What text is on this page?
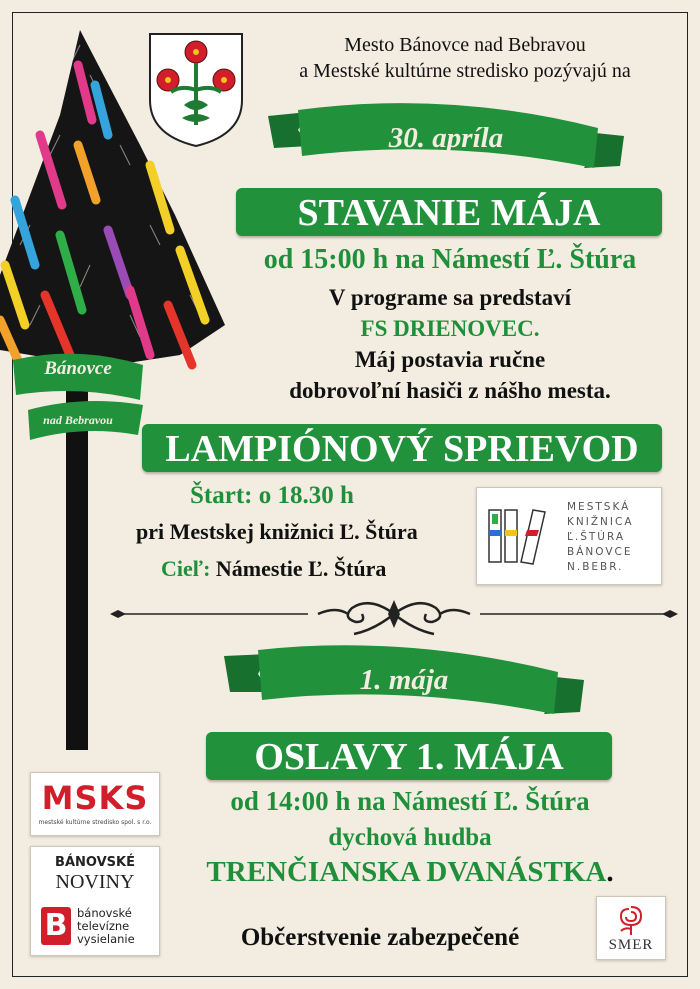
Bánovce
nad Bebravou
Mesto Bánovce nad Bebravou
a Mestské kultúrne stredisko pozývajú na
30. apríla
STAVANIE MÁJA
od 15:00 h na Námestí Ľ. Štúra
V programe sa predstaví
FS DRIENOVEC.
Máj postavia ručne
dobrovoľní hasiči z nášho mesta.
LAMPIÓNOVÝ SPRIEVOD
Štart: o 18.30 h
pri Mestskej knižnici Ľ. Štúra
Cieľ: Námestie Ľ. Štúra
MESTSKÁ
KNIŽNICA
Ľ.ŠTÚRA
BÁNOVCE
N.BEBR.
1. mája
OSLAVY 1. MÁJA
od 14:00 h na Námestí Ľ. Štúra
dychová hudba
TRENČIANSKA DVANÁSTKA.
Občerstvenie zabezpečené
MSKS
mestské kultúrne stredisko spol. s r.o.
BÁNOVSKÉ
NOVINY
B bánovské
televízne
vysielanie	SMER
